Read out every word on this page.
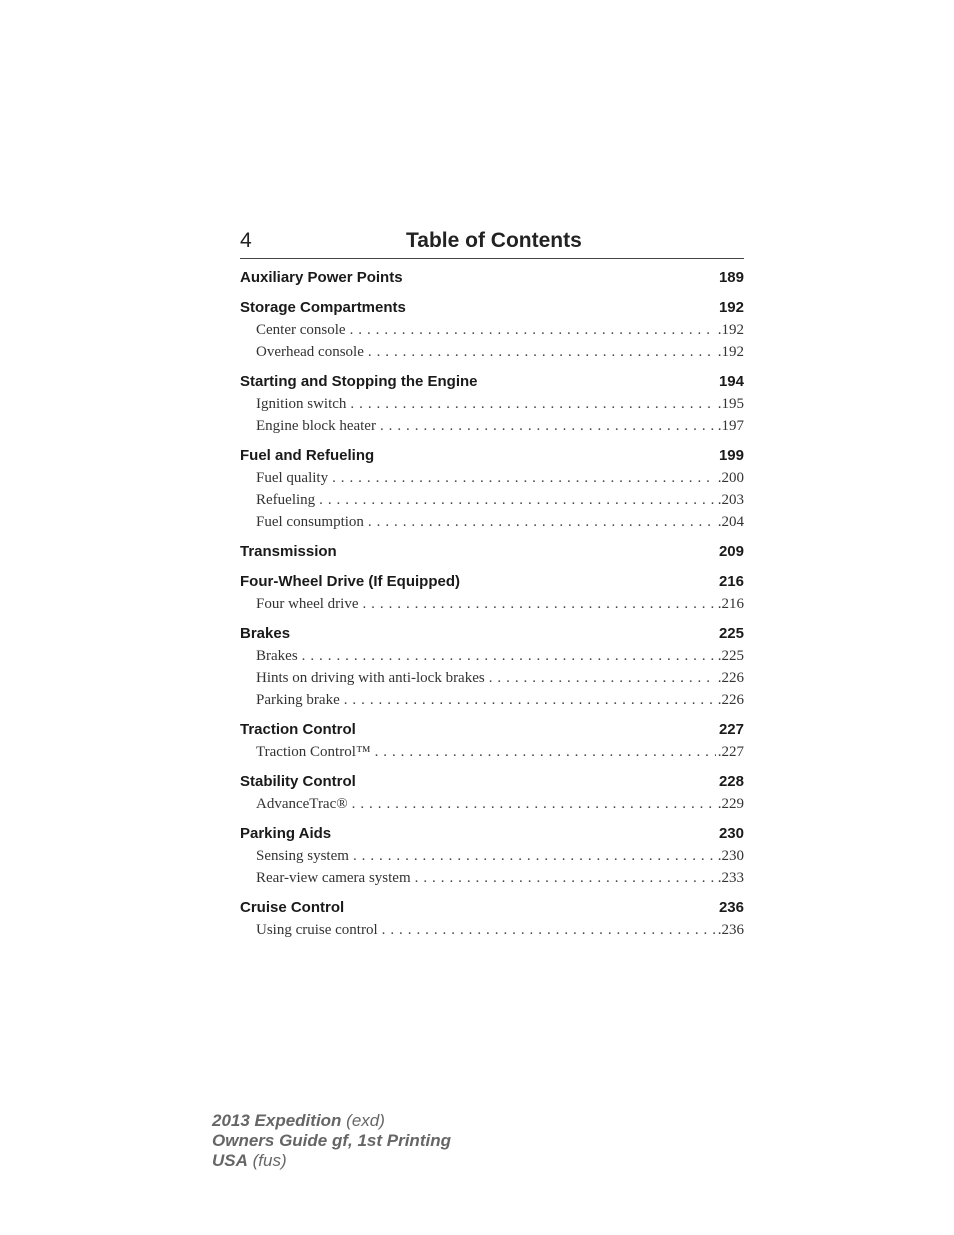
4	Table of Contents
Auxiliary Power Points	189
Storage Compartments	192
Center console . . .	.192
Overhead console . . .	.192
Starting and Stopping the Engine	194
Ignition switch . . .	.195
Engine block heater . . .	.197
Fuel and Refueling	199
Fuel quality . . .	.200
Refueling . . .	.203
Fuel consumption . . .	.204
Transmission	209
Four-Wheel Drive (If Equipped)	216
Four wheel drive . . .	.216
Brakes	225
Brakes . . .	.225
Hints on driving with anti-lock brakes . . .	.226
Parking brake . . .	.226
Traction Control	227
Traction Control™ . . .	.227
Stability Control	228
AdvanceTrac® . . .	.229
Parking Aids	230
Sensing system . . .	.230
Rear-view camera system . . .	.233
Cruise Control	236
Using cruise control . . .	.236
2013 Expedition (exd)
Owners Guide gf, 1st Printing
USA (fus)
